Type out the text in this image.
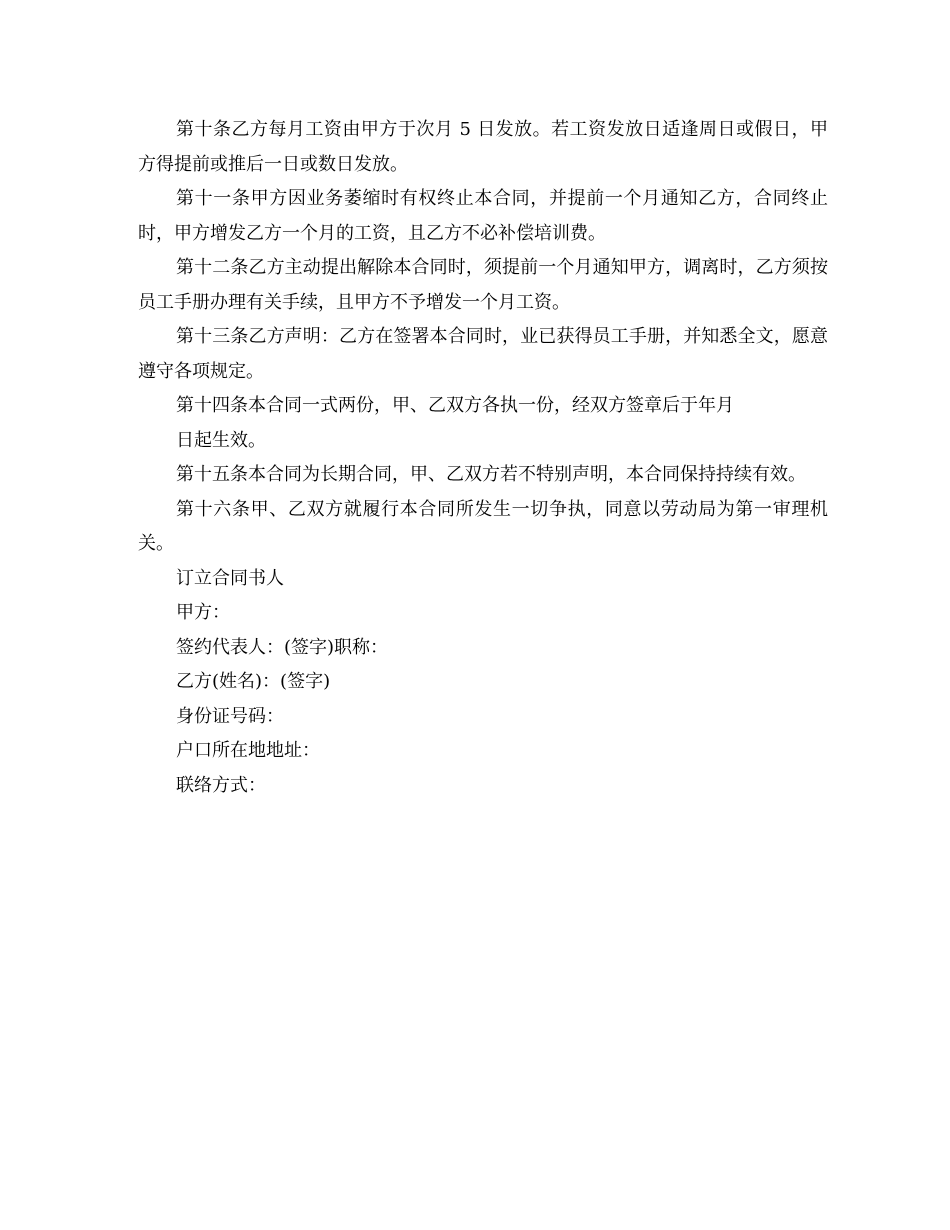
第十条乙方每月工资由甲方于次月 5 日发放。若工资发放日适逢周日或假日，甲方得提前或推后一日或数日发放。

第十一条甲方因业务萎缩时有权终止本合同，并提前一个月通知乙方，合同终止时，甲方增发乙方一个月的工资，且乙方不必补偿培训费。

第十二条乙方主动提出解除本合同时，须提前一个月通知甲方，调离时，乙方须按员工手册办理有关手续，且甲方不予增发一个月工资。

第十三条乙方声明：乙方在签署本合同时，业已获得员工手册，并知悉全文，愿意遵守各项规定。

第十四条本合同一式两份，甲、乙双方各执一份，经双方签章后于年月

日起生效。

第十五条本合同为长期合同，甲、乙双方若不特别声明，本合同保持持续有效。

第十六条甲、乙双方就履行本合同所发生一切争执，同意以劳动局为第一审理机关。

订立合同书人

甲方：

签约代表人：(签字)职称：

乙方(姓名)：(签字)

身份证号码：

户口所在地地址：

联络方式：
